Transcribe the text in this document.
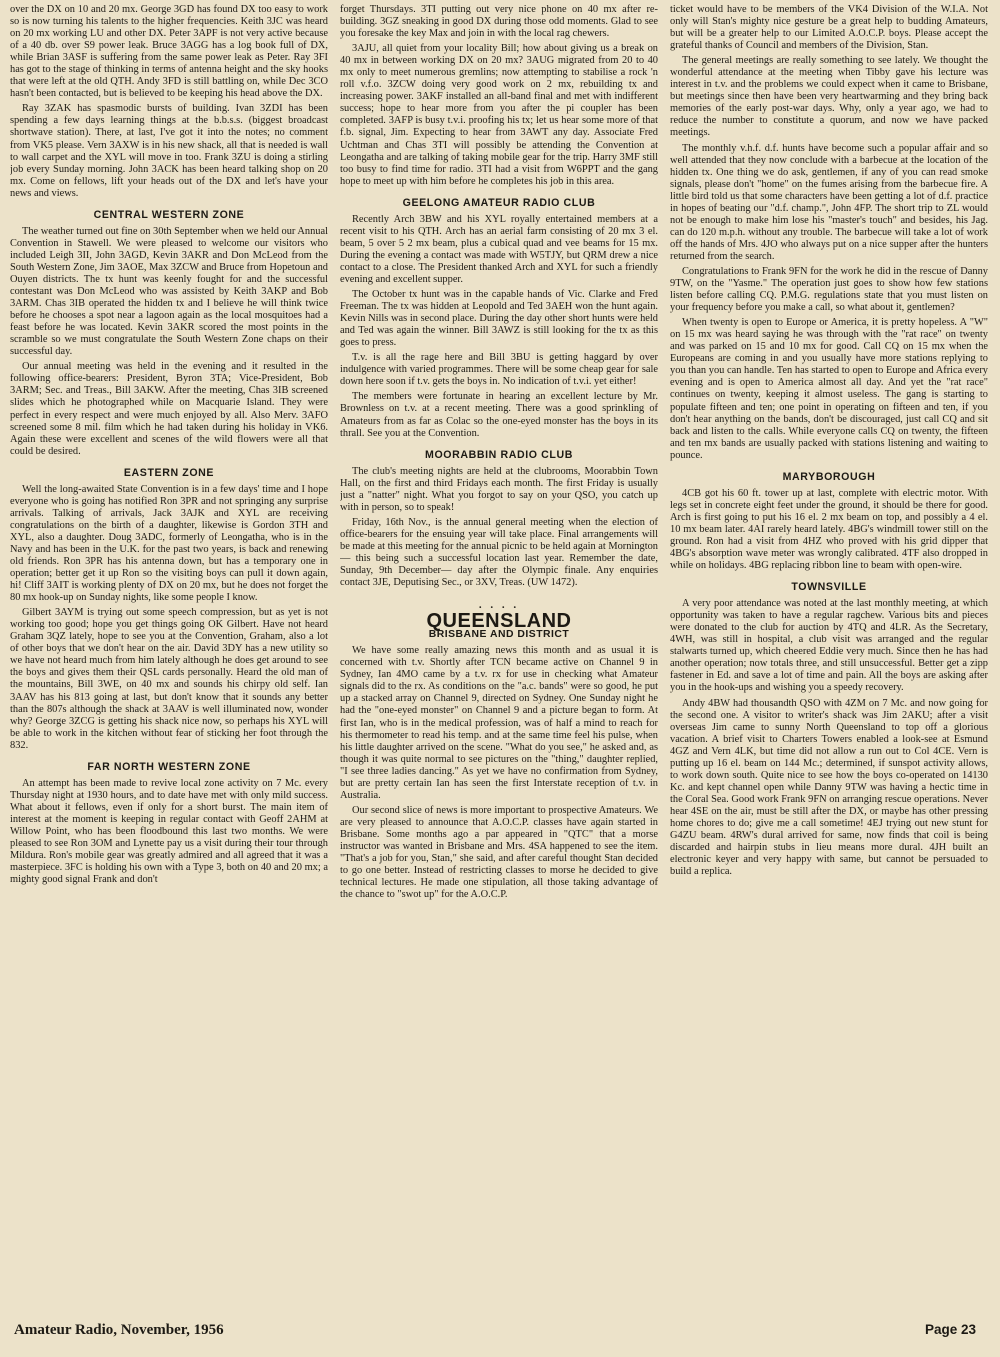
over the DX on 10 and 20 mx. George 3GD has found DX too easy to work so is now turning his talents to the higher frequencies. Keith 3JC was heard on 20 mx working LU and other DX. Peter 3APF is not very active because of a 40 db. over S9 power leak. Bruce 3AGG has a log book full of DX, while Brian 3ASF is suffering from the same power leak as Peter. Ray 3FI has got to the stage of thinking in terms of antenna height and the sky hooks that were left at the old QTH. Andy 3FD is still battling on, while Dec 3CO hasn't been contacted, but is believed to be keeping his head above the DX.

Ray 3ZAK has spasmodic bursts of building. Ivan 3ZDI has been spending a few days learning things at the b.b.s.s. (biggest broadcast shortwave station). There, at last, I've got it into the notes; no comment from VK5 please. Vern 3AXW is in his new shack, all that is needed is wall to wall carpet and the XYL will move in too. Frank 3ZU is doing a stirling job every Sunday morning. John 3ACK has been heard talking shop on 20 mx. Come on fellows, lift your heads out of the DX and let's have your news and views.

CENTRAL WESTERN ZONE

The weather turned out fine on 30th September when we held our Annual Convention in Stawell. We were pleased to welcome our visitors who included Leigh 3II, John 3AGD, Kevin 3AKR and Don McLeod from the South Western Zone, Jim 3AOE, Max 3ZCW and Bruce from Hopetoun and Ouyen districts. The tx hunt was keenly fought for and the successful contestant was Don McLeod who was assisted by Keith 3AKP and Bob 3ARM. Chas 3IB operated the hidden tx and I believe he will think twice before he chooses a spot near a lagoon again as the local mosquitoes had a feast before he was located. Kevin 3AKR scored the most points in the scramble so we must congratulate the South Western Zone chaps on their successful day.

Our annual meeting was held in the evening and it resulted in the following office-bearers: President, Byron 3TA; Vice-President, Bob 3ARM; Sec. and Treas., Bill 3AKW. After the meeting, Chas 3IB screened slides which he photographed while on Macquarie Island. They were perfect in every respect and were much enjoyed by all. Also Merv. 3AFO screened some 8 mil. film which he had taken during his holiday in VK6. Again these were excellent and scenes of the wild flowers were all that could be desired.

EASTERN ZONE

Well the long-awaited State Convention is in a few days' time and I hope everyone who is going has notified Ron 3PR and not springing any surprise arrivals. Talking of arrivals, Jack 3AJK and XYL are receiving congratulations on the birth of a daughter, likewise is Gordon 3TH and XYL, also a daughter. Doug 3ADC, formerly of Leongatha, who is in the Navy and has been in the U.K. for the past two years, is back and renewing old friends. Ron 3PR has his antenna down, but has a temporary one in operation; better get it up Ron so the visiting boys can pull it down again, hi! Cliff 3AIT is working plenty of DX on 20 mx, but he does not forget the 80 mx hook-up on Sunday nights, like some people I know.

Gilbert 3AYM is trying out some speech compression, but as yet is not working too good; hope you get things going OK Gilbert. Have not heard Graham 3QZ lately, hope to see you at the Convention, Graham, also a lot of other boys that we don't hear on the air. David 3DY has a new utility so we have not heard much from him lately although he does get around to see the boys and gives them their QSL cards personally. Heard the old man of the mountains, Bill 3WE, on 40 mx and sounds his chirpy old self. Ian 3AAV has his 813 going at last, but don't know that it sounds any better than the 807s although the shack at 3AAV is well illuminated now, wonder why? George 3ZCG is getting his shack nice now, so perhaps his XYL will be able to work in the kitchen without fear of sticking her foot through the 832.

FAR NORTH WESTERN ZONE

An attempt has been made to revive local zone activity on 7 Mc. every Thursday night at 1930 hours, and to date have met with only mild success. What about it fellows, even if only for a short burst. The main item of interest at the moment is keeping in regular contact with Geoff 2AHM at Willow Point, who has been floodbound this last two months. We were pleased to see Ron 3OM and Lynette pay us a visit during their tour through Mildura. Ron's mobile gear was greatly admired and all agreed that it was a masterpiece. 3FC is holding his own with a Type 3, both on 40 and 20 mx; a mighty good signal Frank and don't

forget Thursdays. 3TI putting out very nice phone on 40 mx after re-building. 3GZ sneaking in good DX during those odd moments. Glad to see you foresake the key Max and join in with the local rag chewers.

3AJU, all quiet from your locality Bill; how about giving us a break on 40 mx in between working DX on 20 mx? 3AUG migrated from 20 to 40 mx only to meet numerous gremlins; now attempting to stabilise a rock 'n roll v.f.o. 3ZCW doing very good work on 2 mx, rebuilding tx and increasing power. 3AKF installed an all-band final and met with indifferent success; hope to hear more from you after the pi coupler has been completed. 3AFP is busy t.v.i. proofing his tx; let us hear some more of that f.b. signal, Jim. Expecting to hear from 3AWT any day. Associate Fred Uchtman and Chas 3TI will possibly be attending the Convention at Leongatha and are talking of taking mobile gear for the trip. Harry 3MF still too busy to find time for radio. 3TI had a visit from W6PPT and the gang hope to meet up with him before he completes his job in this area.

GEELONG AMATEUR RADIO CLUB

Recently Arch 3BW and his XYL royally entertained members at a recent visit to his QTH. Arch has an aerial farm consisting of 20 mx 3 el. beam, 5 over 5 2 mx beam, plus a cubical quad and vee beams for 15 mx. During the evening a contact was made with W5TJY, but QRM drew a nice contact to a close. The President thanked Arch and XYL for such a friendly evening and excellent supper.

The October tx hunt was in the capable hands of Vic. Clarke and Fred Freeman. The tx was hidden at Leopold and Ted 3AEH won the hunt again. Kevin Nills was in second place. During the day other short hunts were held and Ted was again the winner. Bill 3AWZ is still looking for the tx as this goes to press.

T.v. is all the rage here and Bill 3BU is getting haggard by over indulgence with varied programmes. There will be some cheap gear for sale down here soon if t.v. gets the boys in. No indication of t.v.i. yet either!

The members were fortunate in hearing an excellent lecture by Mr. Brownless on t.v. at a recent meeting. There was a good sprinkling of Amateurs from as far as Colac so the one-eyed monster has the boys in its thrall. See you at the Convention.

MOORABBIN RADIO CLUB

The club's meeting nights are held at the clubrooms, Moorabbin Town Hall, on the first and third Fridays each month. The first Friday is usually just a "natter" night. What you forgot to say on your QSO, you catch up with in person, so to speak!

Friday, 16th Nov., is the annual general meeting when the election of office-bearers for the ensuing year will take place. Final arrangements will be made at this meeting for the annual picnic to be held again at Mornington— this being such a successful location last year. Remember the date, Sunday, 9th December— day after the Olympic finale. Any enquiries contact 3JE, Deputising Sec., or 3XV, Treas. (UW 1472).

. . . .
QUEENSLAND
BRISBANE AND DISTRICT

We have some really amazing news this month and as usual it is concerned with t.v. Shortly after TCN became active on Channel 9 in Sydney, Ian 4MO came by a t.v. rx for use in checking what Amateur signals did to the rx. As conditions on the "a.c. bands" were so good, he put up a stacked array on Channel 9, directed on Sydney. One Sunday night he had the "one-eyed monster" on Channel 9 and a picture began to form. At first Ian, who is in the medical profession, was of half a mind to reach for his thermometer to read his temp. and at the same time feel his pulse, when his little daughter arrived on the scene. "What do you see," he asked and, as though it was quite normal to see pictures on the "thing," daughter replied, "I see three ladies dancing." As yet we have no confirmation from Sydney, but are pretty certain Ian has seen the first Interstate reception of t.v. in Australia.

Our second slice of news is more important to prospective Amateurs. We are very pleased to announce that A.O.C.P. classes have again started in Brisbane. Some months ago a par appeared in "QTC" that a morse instructor was wanted in Brisbane and Mrs. 4SA happened to see the item. "That's a job for you, Stan," she said, and after careful thought Stan decided to go one better. Instead of restricting classes to morse he decided to give technical lectures. He made one stipulation, all those taking advantage of the chance to "swot up" for the A.O.C.P.

ticket would have to be members of the VK4 Division of the W.I.A. Not only will Stan's mighty nice gesture be a great help to budding Amateurs, but will be a greater help to our Limited A.O.C.P. boys. Please accept the grateful thanks of Council and members of the Division, Stan.

The general meetings are really something to see lately. We thought the wonderful attendance at the meeting when Tibby gave his lecture was interest in t.v. and the problems we could expect when it came to Brisbane, but meetings since then have been very heartwarming and they bring back memories of the early post-war days. Why, only a year ago, we had to reduce the number to constitute a quorum, and now we have packed meetings.

The monthly v.h.f. d.f. hunts have become such a popular affair and so well attended that they now conclude with a barbecue at the location of the hidden tx. One thing we do ask, gentlemen, if any of you can read smoke signals, please don't "home" on the fumes arising from the barbecue fire. A little bird told us that some characters have been getting a lot of d.f. practice in hopes of beating our "d.f. champ.", John 4FP. The short trip to ZL would not be enough to make him lose his "master's touch" and besides, his Jag. can do 120 m.p.h. without any trouble. The barbecue will take a lot of work off the hands of Mrs. 4JO who always put on a nice supper after the hunters returned from the search.

Congratulations to Frank 9FN for the work he did in the rescue of Danny 9TW, on the "Yasme." The operation just goes to show how few stations listen before calling CQ. P.M.G. regulations state that you must listen on your frequency before you make a call, so what about it, gentlemen?

When twenty is open to Europe or America, it is pretty hopeless. A "W" on 15 mx was heard saying he was through with the "rat race" on twenty and was parked on 15 and 10 mx for good. Call CQ on 15 mx when the Europeans are coming in and you usually have more stations replying to you than you can handle. Ten has started to open to Europe and Africa every evening and is open to America almost all day. And yet the "rat race" continues on twenty, keeping it almost useless. The gang is starting to populate fifteen and ten; one point in operating on fifteen and ten, if you don't hear anything on the bands, don't be discouraged, just call CQ and sit back and listen to the calls. While everyone calls CQ on twenty, the fifteen and ten mx bands are usually packed with stations listening and waiting to pounce.

MARYBOROUGH

4CB got his 60 ft. tower up at last, complete with electric motor. With legs set in concrete eight feet under the ground, it should be there for good. Arch is first going to put his 16 el. 2 mx beam on top, and possibly a 4 el. 10 mx beam later. 4AI rarely heard lately. 4BG's windmill tower still on the ground. Ron had a visit from 4HZ who proved with his grid dipper that 4BG's absorption wave meter was wrongly calibrated. 4TF also dropped in while on holidays. 4BG replacing ribbon line to beam with open-wire.

TOWNSVILLE

A very poor attendance was noted at the last monthly meeting, at which opportunity was taken to have a regular ragchew. Various bits and pieces were donated to the club for auction by 4TQ and 4LR. As the Secretary, 4WH, was still in hospital, a club visit was arranged and the regular stalwarts turned up, which cheered Eddie very much. Since then he has had another operation; now totals three, and still unsuccessful. Better get a zipp fastener in Ed. and save a lot of time and pain. All the boys are asking after you in the hook-ups and wishing you a speedy recovery.

Andy 4BW had thousandth QSO with 4ZM on 7 Mc. and now going for the second one. A visitor to writer's shack was Jim 2AKU; after a visit overseas Jim came to sunny North Queensland to top off a glorious vacation. A brief visit to Charters Towers enabled a look-see at Esmund 4GZ and Vern 4LK, but time did not allow a run out to Col 4CE. Vern is putting up 16 el. beam on 144 Mc.; determined, if sunspot activity allows, to work down south. Quite nice to see how the boys co-operated on 14130 Kc. and kept channel open while Danny 9TW was having a hectic time in the Coral Sea. Good work Frank 9FN on arranging rescue operations. Never hear 4SE on the air, must be still after the DX, or maybe has other pressing home chores to do; give me a call sometime! 4EJ trying out new stunt for G4ZU beam. 4RW's dural arrived for same, now finds that coil is being discarded and hairpin stubs in lieu means more dural. 4JH built an electronic keyer and very happy with same, but cannot be persuaded to build a replica.

Amateur Radio, November, 1956	Page 23
